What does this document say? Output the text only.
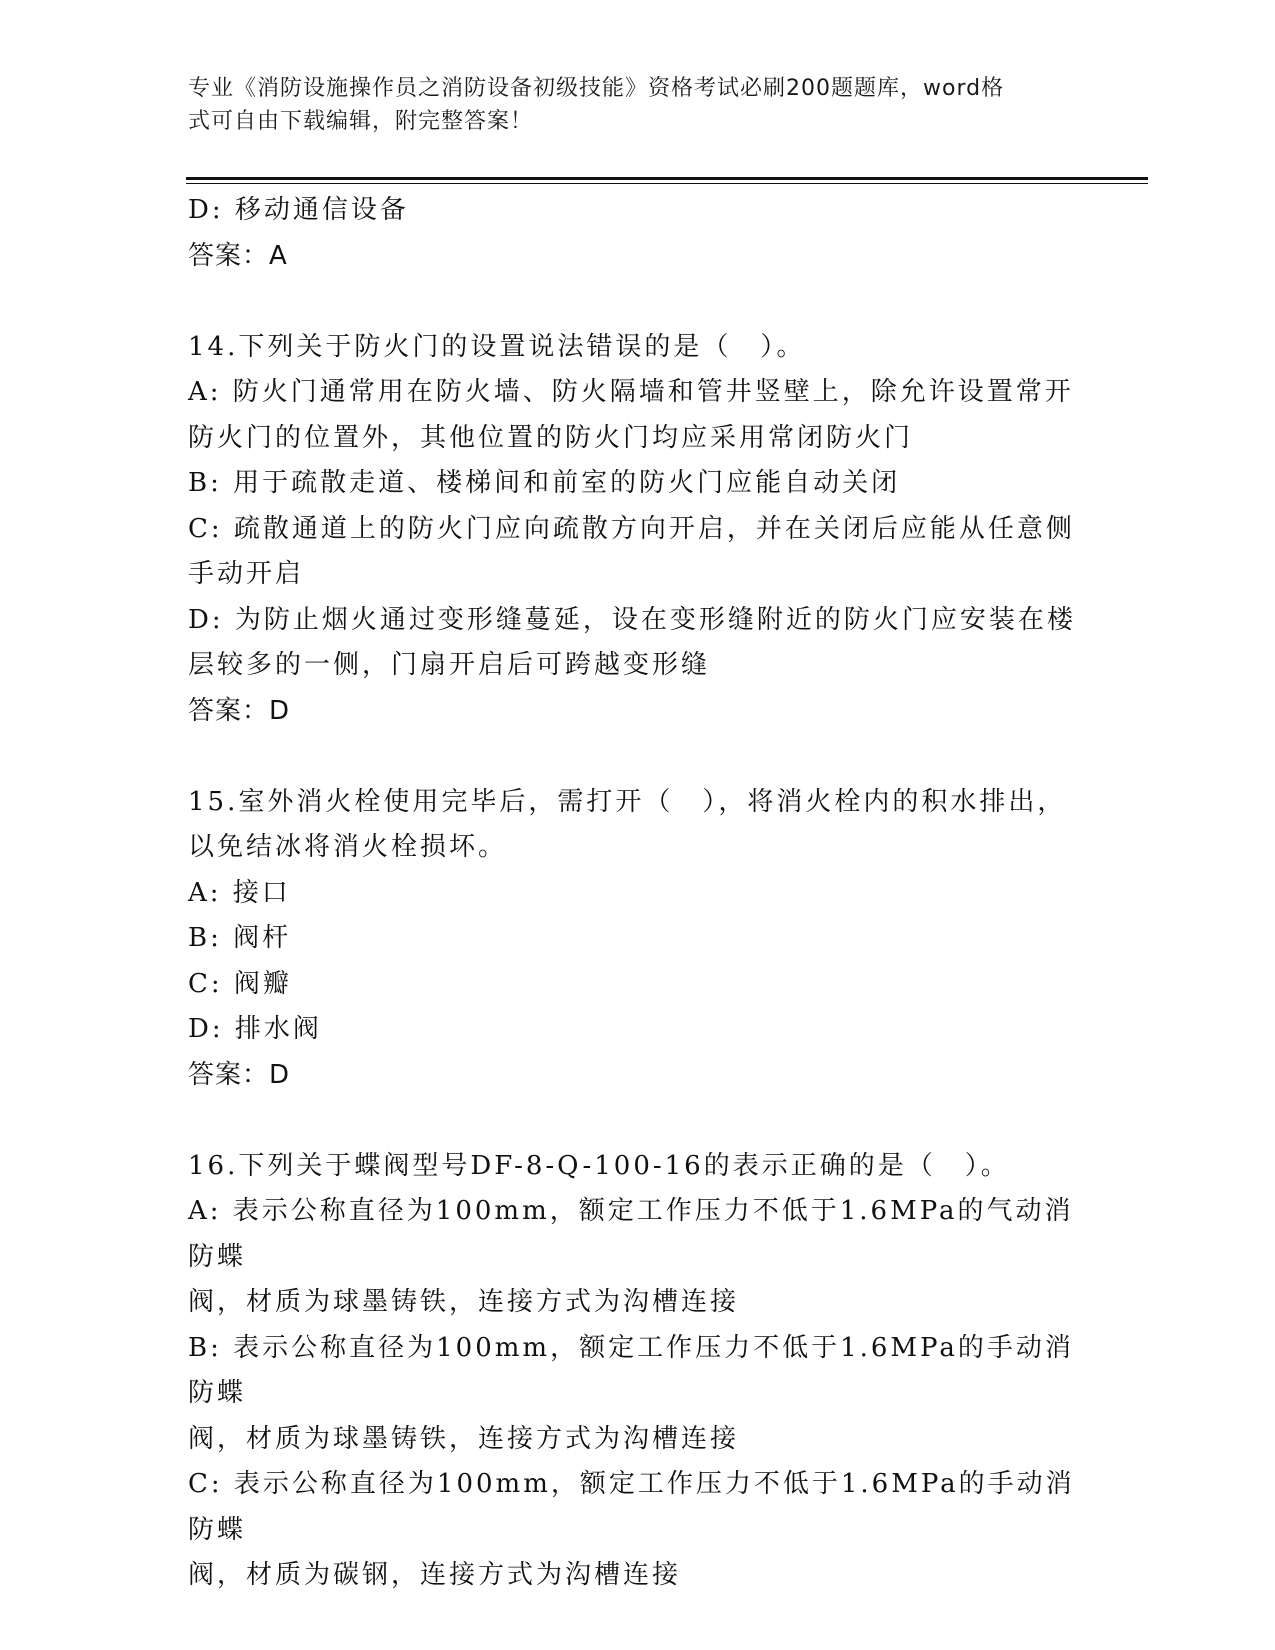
专业《消防设施操作员之消防设备初级技能》资格考试必刷200题题库，word格
式可自由下载编辑，附完整答案！
D: 移动通信设备
答案：A
14.下列关于防火门的设置说法错误的是（　）。
A: 防火门通常用在防火墙、防火隔墙和管井竖壁上，除允许设置常开
防火门的位置外，其他位置的防火门均应采用常闭防火门
B: 用于疏散走道、楼梯间和前室的防火门应能自动关闭
C: 疏散通道上的防火门应向疏散方向开启，并在关闭后应能从任意侧
手动开启
D: 为防止烟火通过变形缝蔓延，设在变形缝附近的防火门应安装在楼
层较多的一侧，门扇开启后可跨越变形缝
答案：D
15.室外消火栓使用完毕后，需打开（　），将消火栓内的积水排出，
以免结冰将消火栓损坏。
A: 接口
B: 阀杆
C: 阀瓣
D: 排水阀
答案：D
16.下列关于蝶阀型号DF-8-Q-100-16的表示正确的是（　）。
A: 表示公称直径为100mm，额定工作压力不低于1.6MPa的气动消防蝶
阀，材质为球墨铸铁，连接方式为沟槽连接
B: 表示公称直径为100mm，额定工作压力不低于1.6MPa的手动消防蝶
阀，材质为球墨铸铁，连接方式为沟槽连接
C: 表示公称直径为100mm，额定工作压力不低于1.6MPa的手动消防蝶
阀，材质为碳钢，连接方式为沟槽连接
